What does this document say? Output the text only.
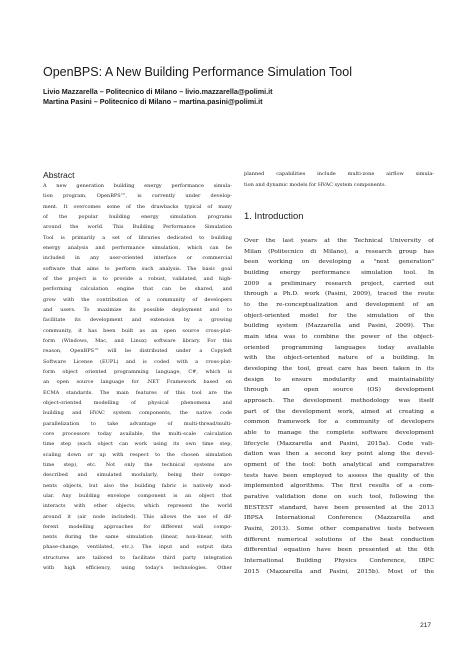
OpenBPS: A New Building Performance Simulation Tool
Livio Mazzarella – Politecnico di Milano – livio.mazzarella@polimi.it
Martina Pasini – Politecnico di Milano – martina.pasini@polimi.it
Abstract
A new generation building energy performance simula-
tion program, OpenBPS™, is currently under develop-
ment. It overcomes some of the drawbacks typical of many
of the popular building energy simulation programs
around the world. This Building Performance Simulation
Tool is primarily a set of libraries dedicated to building
energy analysis and performance simulation, which can be
included in any user-oriented interface or commercial
software that aims to perform such analysis. The basic goal
of the project is to provide a robust, validated, and high-
performing calculation engine that can be shared, and
grow with the contribution of a community of developers
and users. To maximize its possible deployment and to
facilitate its development and extension by a growing
community, it has been built as an open source cross-plat-
form (Windows, Mac, and Linux) software library. For this
reason, OpenBPS™ will be distributed under a Copyleft
Software License (EUPL) and is coded with a cross-plat-
form object oriented programming language, C#, which is
an open source language for .NET Framework based on
ECMA standards. The main features of this tool are the
object-oriented modelling of physical phenomena and
building and HVAC system components, the native code
parallelization to take advantage of multi-thread/multi-
core processors today available, the multi-scale calculation
time step (each object can work using its own time step,
scaling down or up with respect to the chosen simulation
time step), etc. Not only the technical systems are
described and simulated modularly, being their compo-
nents objects, but also the building fabric is natively mod-
ular. Any building envelope component is an object that
interacts with other objects, which represent the world
around it (air node included). This allows the use of dif-
ferent modelling approaches for different wall compo-
nents during the same simulation (linear, non-linear, with
phase-change, ventilated, etc.). The input and output data
structures are tailored to facilitate third party integration
with high efficiency, using today's technologies. Other
planned capabilities include multi-zone airflow simula-
tion and dynamic models for HVAC system components.
1. Introduction
Over the last years at the Technical University of
Milan (Politecnico di Milano), a research group has
been working on developing a "next generation"
building energy performance simulation tool. In
2009 a preliminary research project, carried out
through a Ph.D. work (Pasini, 2009), traced the route
to the re-conceptualization and development of an
object-oriented model for the simulation of the
building system (Mazzarella and Pasini, 2009). The
main idea was to combine the power of the object-
oriented programming languages today available
with the object-oriented nature of a building. In
developing the tool, great care has been taken in its
design to ensure modularity and maintainability
through an open source (OS) development
approach. The development methodology was itself
part of the development work, aimed at creating a
common framework for a community of developers
able to manage the complete software development
lifecycle (Mazzarella and Pasini, 2015a). Code vali-
dation was then a second key point along the devel-
opment of the tool: both analytical and comparative
tests have been employed to assess the quality of the
implemented algorithms. The first results of a com-
parative validation done on such tool, following the
BESTEST standard, have been presented at the 2013
IBPSA International Conference (Mazzarella and
Pasini, 2013). Some other comparative tests between
different numerical solutions of the heat conduction
differential equation have been presented at the 6th
International Building Physics Conference, IBPC
2015 (Mazzarella and Pasini, 2015b). Most of the
217
